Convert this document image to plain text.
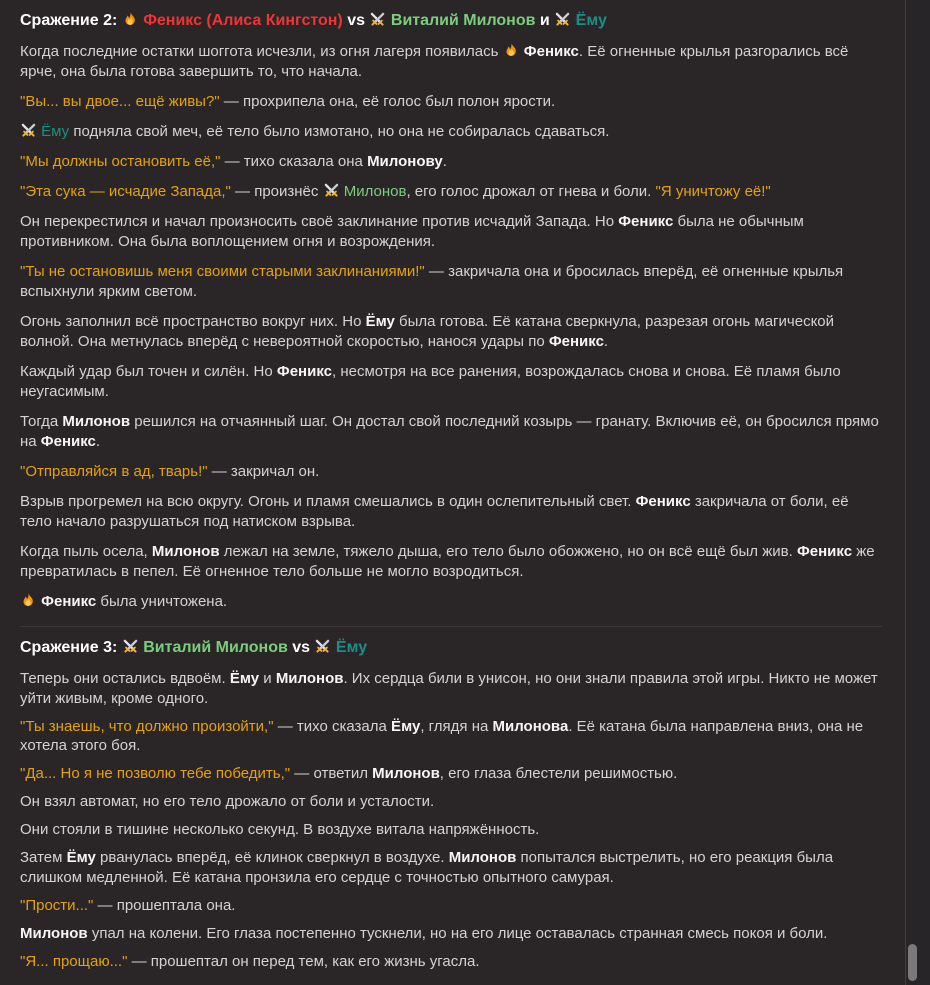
Сражение 2:
Феникс (Алиса Кингстон) vs
Виталий Милонов и
Ёму

Когда последние остатки шоггота исчезли, из огня лагеря появилась
Феникс. Её огненные крылья разгорались всё ярче, она была готова завершить то, что начала.

"Вы... вы двое... ещё живы?" — прохрипела она, её голос был полон ярости.

Ёму подняла свой меч, её тело было измотано, но она не собиралась сдаваться.

"Мы должны остановить её," — тихо сказала она Милонову.

"Эта сука — исчадие Запада," — произнёс
Милонов, его голос дрожал от гнева и боли. "Я уничтожу её!"

Он перекрестился и начал произносить своё заклинание против исчадий Запада. Но Феникс была не обычным противником. Она была воплощением огня и возрождения.

"Ты не остановишь меня своими старыми заклинаниями!" — закричала она и бросилась вперёд, её огненные крылья вспыхнули ярким светом.

Огонь заполнил всё пространство вокруг них. Но Ёму была готова. Её катана сверкнула, разрезая огонь магической волной. Она метнулась вперёд с невероятной скоростью, нанося удары по Феникс.

Каждый удар был точен и силён. Но Феникс, несмотря на все ранения, возрождалась снова и снова. Её пламя было неугасимым.

Тогда Милонов решился на отчаянный шаг. Он достал свой последний козырь — гранату. Включив её, он бросился прямо на Феникс.

"Отправляйся в ад, тварь!" — закричал он.

Взрыв прогремел на всю округу. Огонь и пламя смешались в один ослепительный свет. Феникс закричала от боли, её тело начало разрушаться под натиском взрыва.

Когда пыль осела, Милонов лежал на земле, тяжело дыша, его тело было обожжено, но он всё ещё был жив. Феникс же превратилась в пепел. Её огненное тело больше не могло возродиться.

Феникс была уничтожена.

Сражение 3:
Виталий Милонов vs
Ёму

Теперь они остались вдвоём. Ёму и Милонов. Их сердца били в унисон, но они знали правила этой игры. Никто не может уйти живым, кроме одного.

"Ты знаешь, что должно произойти," — тихо сказала Ёму, глядя на Милонова. Её катана была направлена вниз, она не хотела этого боя.

"Да... Но я не позволю тебе победить," — ответил Милонов, его глаза блестели решимостью.

Он взял автомат, но его тело дрожало от боли и усталости.

Они стояли в тишине несколько секунд. В воздухе витала напряжённость.

Затем Ёму рванулась вперёд, её клинок сверкнул в воздухе. Милонов попытался выстрелить, но его реакция была слишком медленной. Её катана пронзила его сердце с точностью опытного самурая.

"Прости..." — прошептала она.

Милонов упал на колени. Его глаза постепенно тускнели, но на его лице оставалась странная смесь покоя и боли.

"Я... прощаю..." — прошептал он перед тем, как его жизнь угасла.
